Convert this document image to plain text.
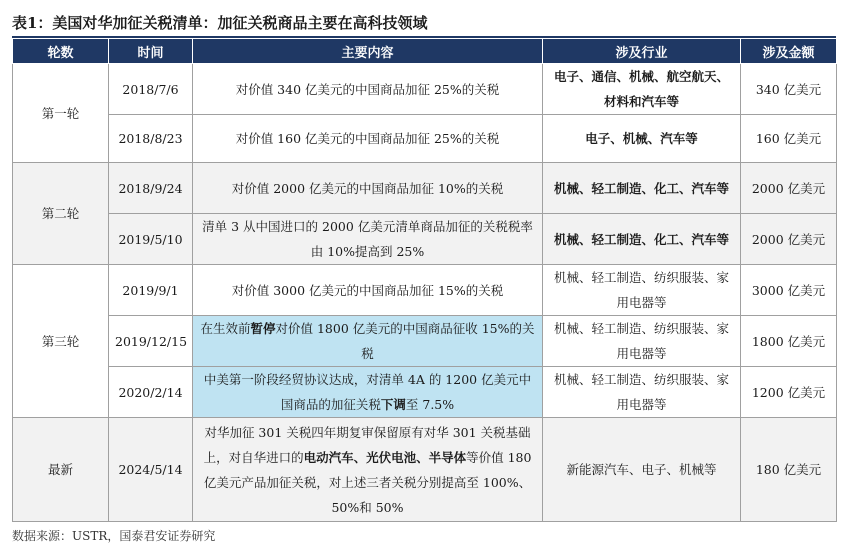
表1：美国对华加征关税清单：加征关税商品主要在高科技领域
轮数	时间	主要内容	涉及行业	涉及金额
第一轮	2018/7/6	对价值 340 亿美元的中国商品加征 25%的关税	电子、通信、机械、航空航天、材料和汽车等	340 亿美元
	2018/8/23	对价值 160 亿美元的中国商品加征 25%的关税	电子、机械、汽车等	160 亿美元
第二轮	2018/9/24	对价值 2000 亿美元的中国商品加征 10%的关税	机械、轻工制造、化工、汽车等	2000 亿美元
	2019/5/10	清单 3 从中国进口的 2000 亿美元清单商品加征的关税税率由 10%提高到 25%	机械、轻工制造、化工、汽车等	2000 亿美元
第三轮	2019/9/1	对价值 3000 亿美元的中国商品加征 15%的关税	机械、轻工制造、纺织服装、家用电器等	3000 亿美元
	2019/12/15	在生效前暂停对价值 1800 亿美元的中国商品征收 15%的关税	机械、轻工制造、纺织服装、家用电器等	1800 亿美元
	2020/2/14	中美第一阶段经贸协议达成，对清单 4A 的 1200 亿美元中国商品的加征关税下调至 7.5%	机械、轻工制造、纺织服装、家用电器等	1200 亿美元
最新	2024/5/14	对华加征 301 关税四年期复审保留原有对华 301 关税基础上，对自华进口的电动汽车、光伏电池、半导体等价值 180 亿美元产品加征关税，对上述三者关税分别提高至 100%、50%和 50%	新能源汽车、电子、机械等	180 亿美元
数据来源：USTR，国泰君安证券研究
